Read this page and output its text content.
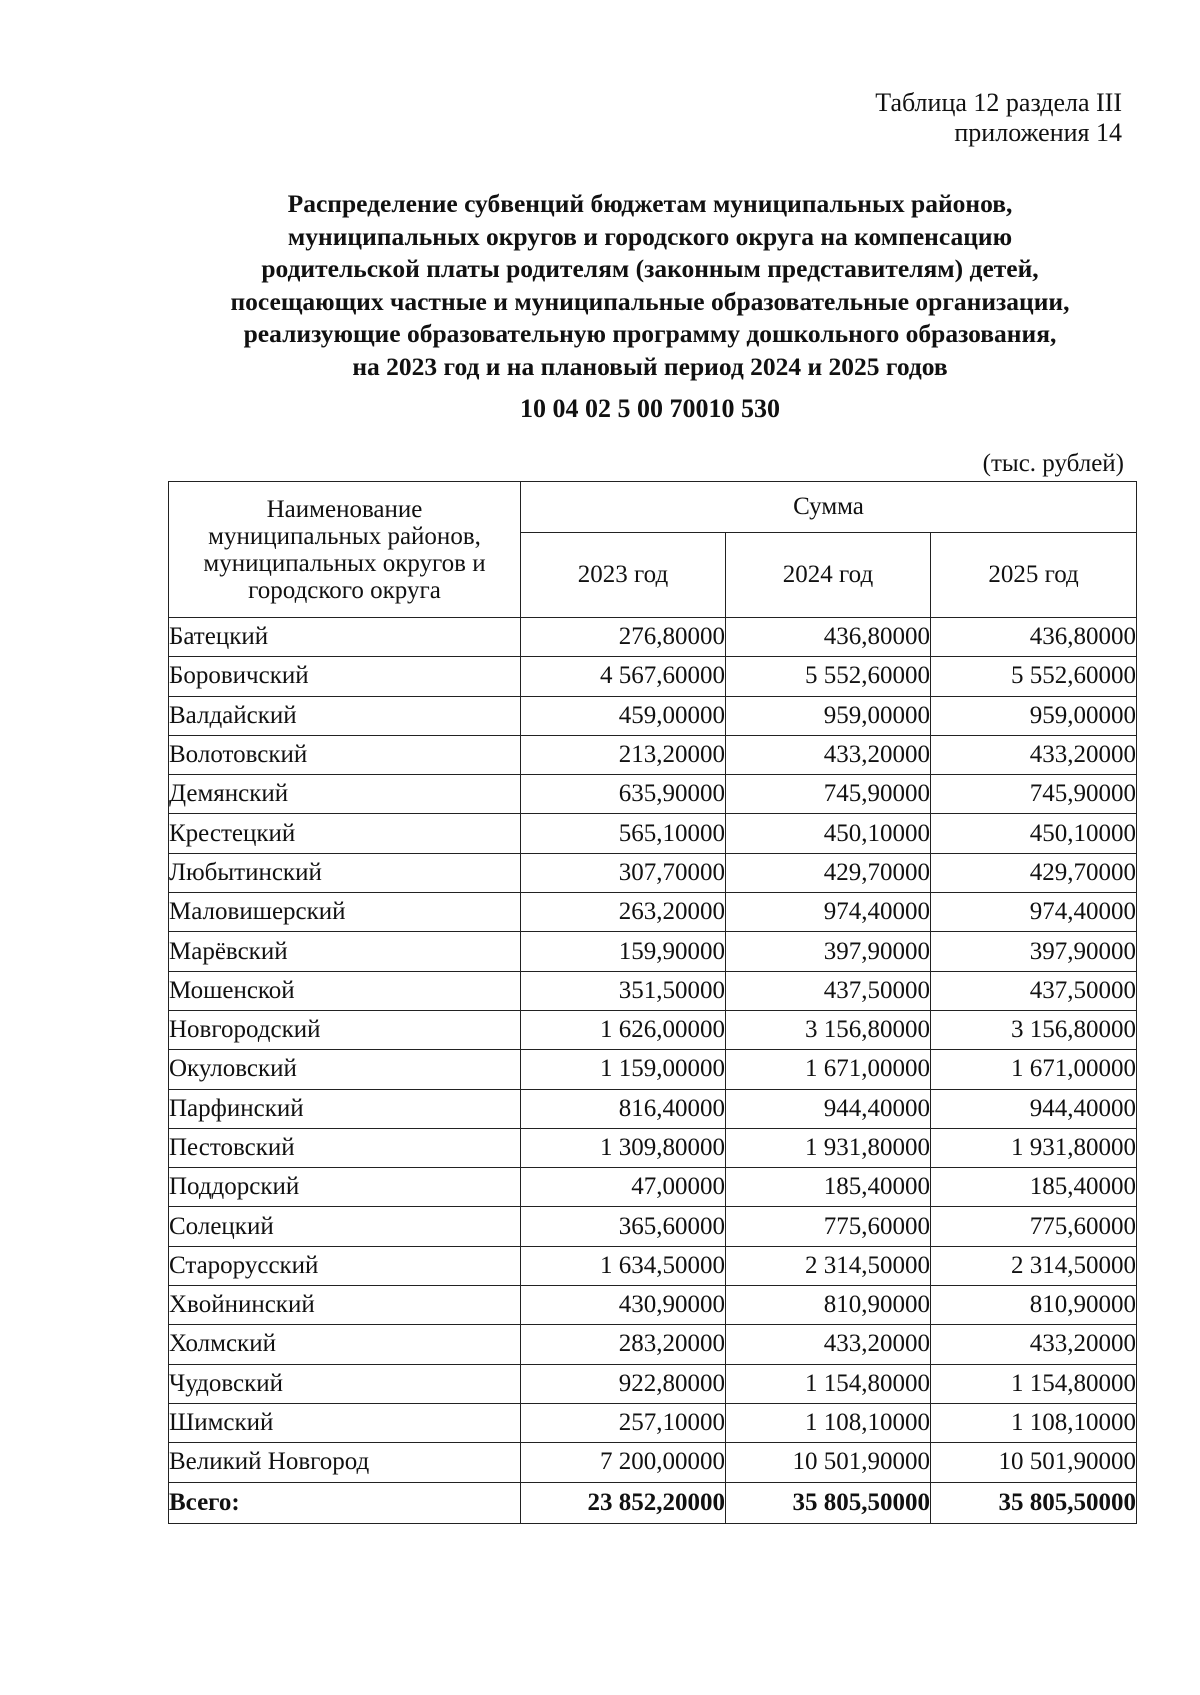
Таблица 12 раздела III
приложения 14
Распределение субвенций бюджетам муниципальных районов,
муниципальных округов и городского округа на компенсацию
родительской платы родителям (законным представителям) детей,
посещающих частные и муниципальные образовательные организации,
реализующие образовательную программу дошкольного образования,
на 2023 год и на плановый период 2024 и 2025 годов
10 04 02 5 00 70010 530
(тыс. рублей)
Наименование
муниципальных районов,
муниципальных округов и
городского округа	Сумма		
	2023 год	2024 год	2025 год
Батецкий	276,80000	436,80000	436,80000
Боровичский	4 567,60000	5 552,60000	5 552,60000
Валдайский	459,00000	959,00000	959,00000
Волотовский	213,20000	433,20000	433,20000
Демянский	635,90000	745,90000	745,90000
Крестецкий	565,10000	450,10000	450,10000
Любытинский	307,70000	429,70000	429,70000
Маловишерский	263,20000	974,40000	974,40000
Марёвский	159,90000	397,90000	397,90000
Мошенской	351,50000	437,50000	437,50000
Новгородский	1 626,00000	3 156,80000	3 156,80000
Окуловский	1 159,00000	1 671,00000	1 671,00000
Парфинский	816,40000	944,40000	944,40000
Пестовский	1 309,80000	1 931,80000	1 931,80000
Поддорский	47,00000	185,40000	185,40000
Солецкий	365,60000	775,60000	775,60000
Старорусский	1 634,50000	2 314,50000	2 314,50000
Хвойнинский	430,90000	810,90000	810,90000
Холмский	283,20000	433,20000	433,20000
Чудовский	922,80000	1 154,80000	1 154,80000
Шимский	257,10000	1 108,10000	1 108,10000
Великий Новгород	7 200,00000	10 501,90000	10 501,90000
Всего:	23 852,20000	35 805,50000	35 805,50000
